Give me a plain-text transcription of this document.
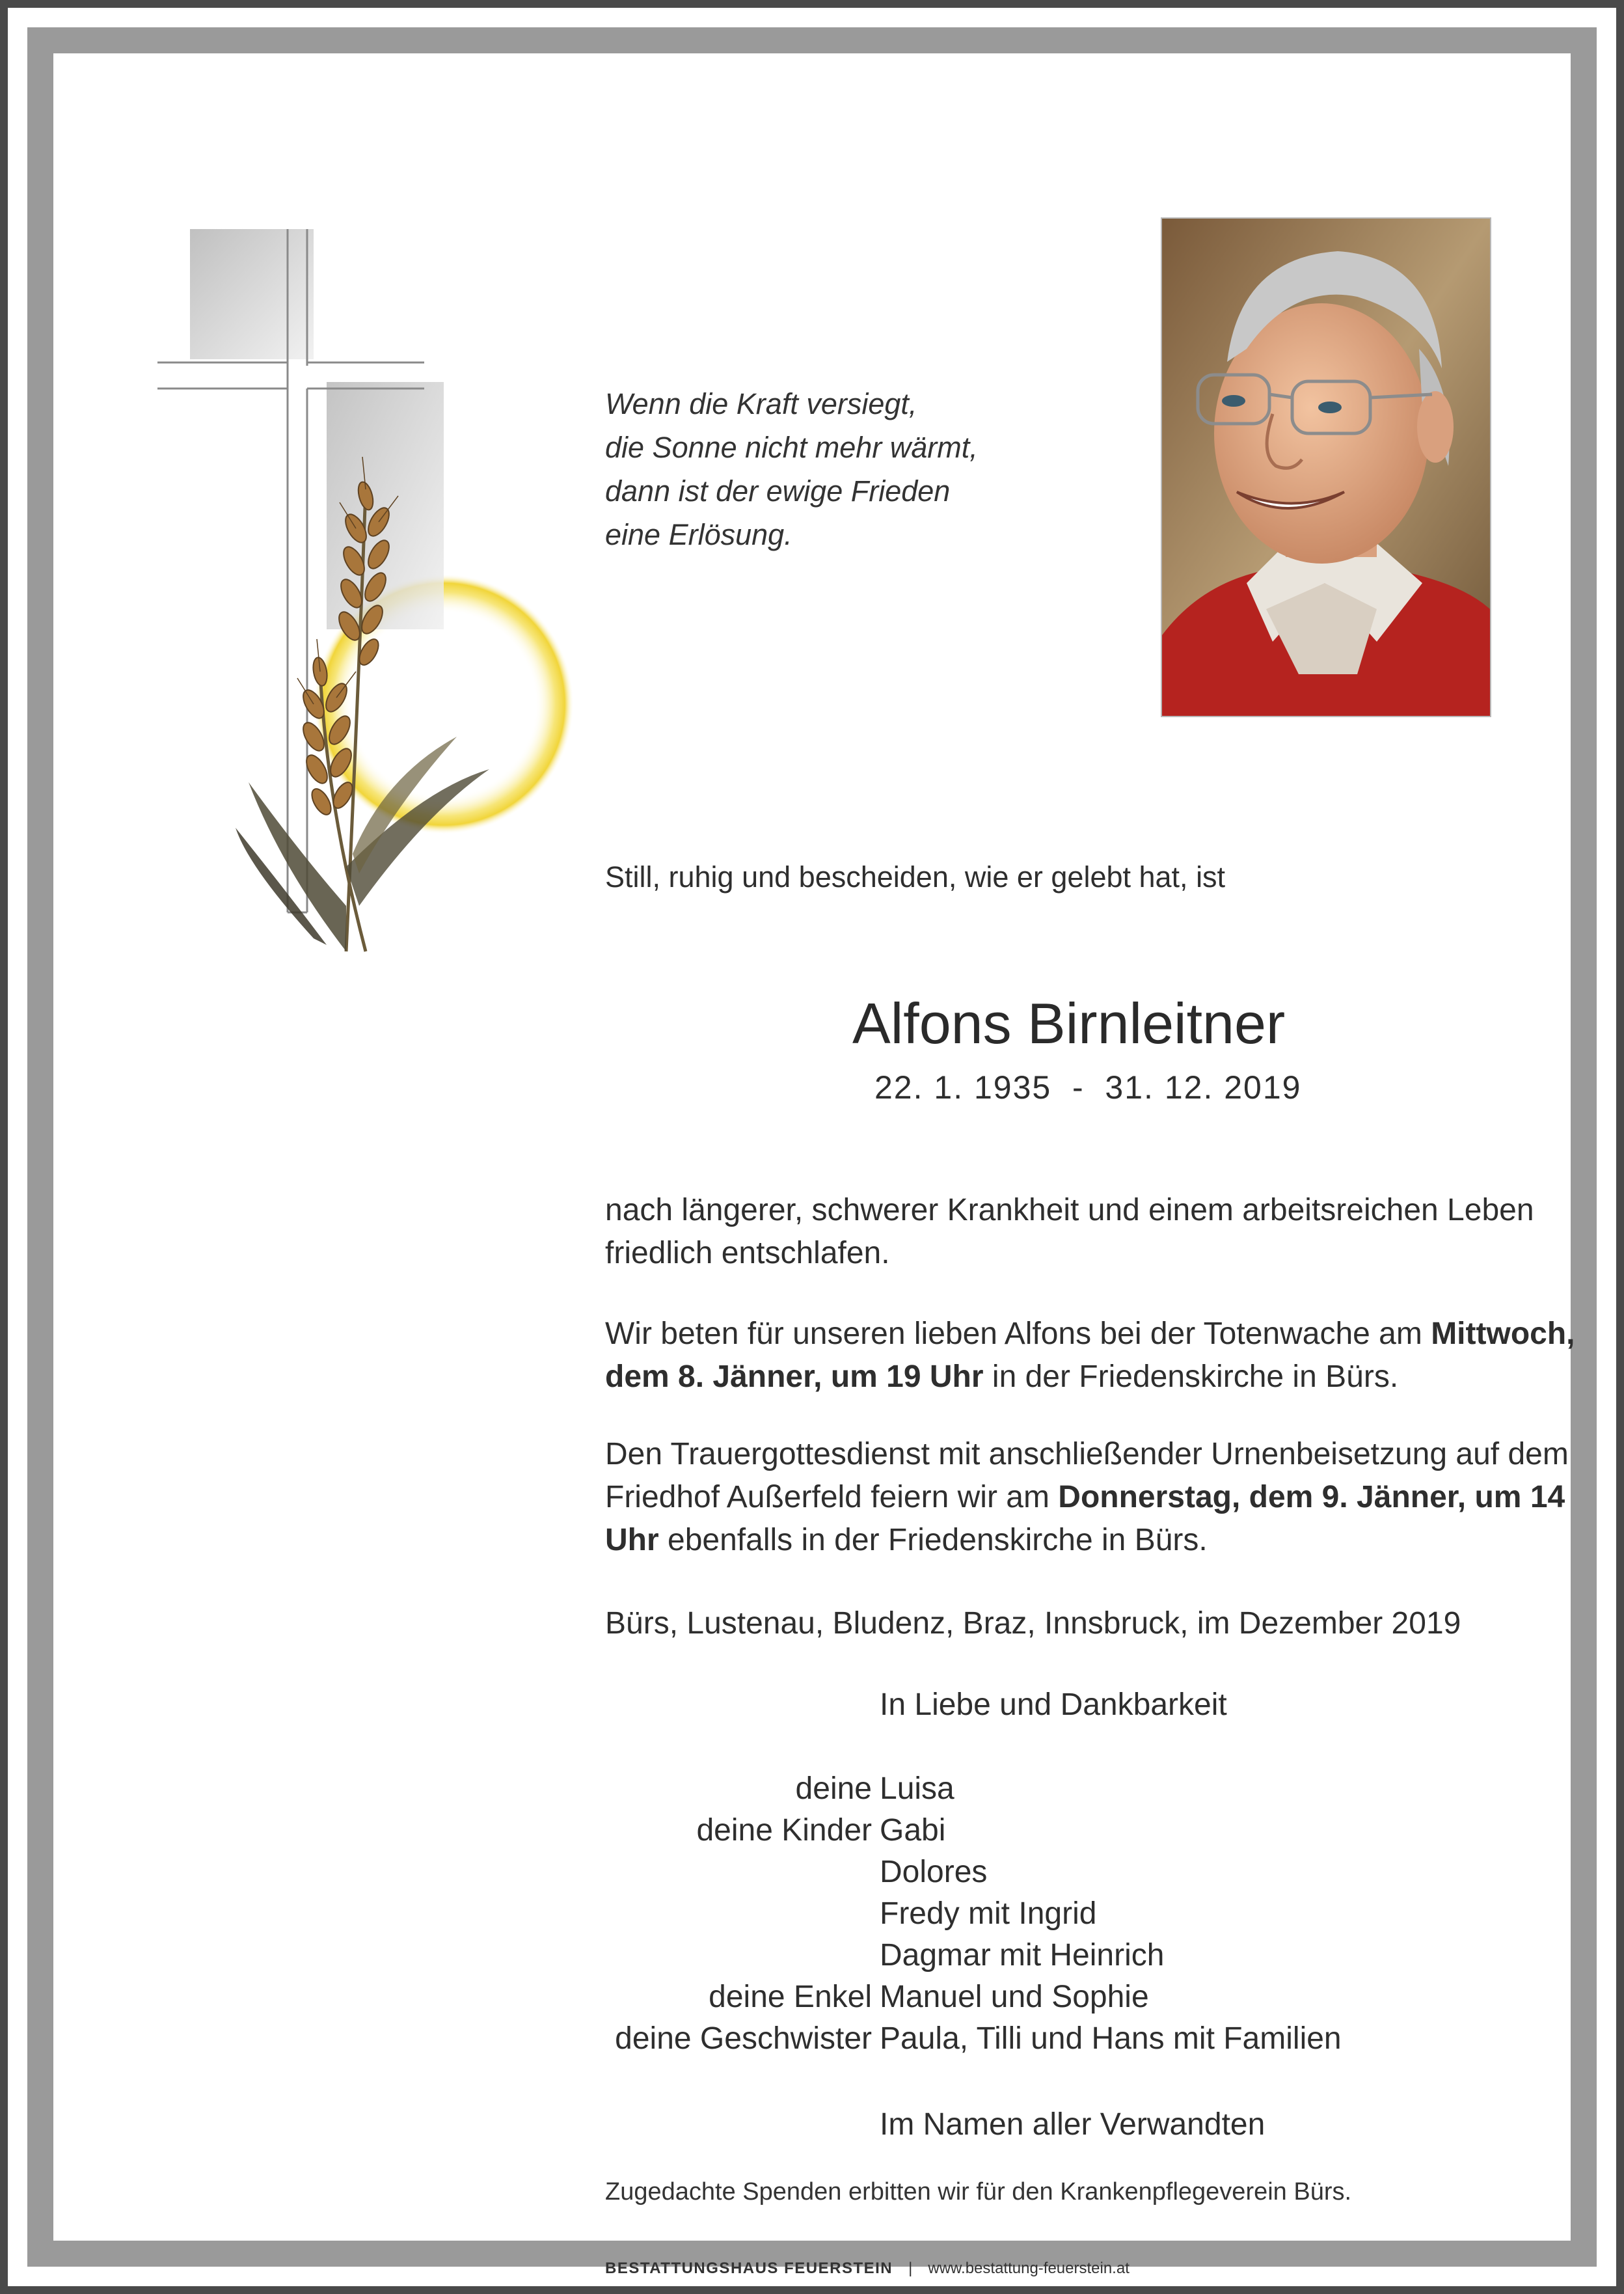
Wenn die Kraft versiegt,
die Sonne nicht mehr wärmt,
dann ist der ewige Frieden
eine Erlösung.
Still, ruhig und bescheiden, wie er gelebt hat, ist
Alfons Birnleitner
22. 1. 1935  -  31. 12. 2019
nach längerer, schwerer Krankheit und einem arbeitsreichen Leben friedlich entschlafen.
Wir beten für unseren lieben Alfons bei der Totenwache am Mittwoch, dem 8. Jänner, um 19 Uhr in der Friedenskirche in Bürs.
Den Trauergottesdienst mit anschließender Urnenbeisetzung auf dem Friedhof Außerfeld feiern wir am Donnerstag, dem 9. Jänner, um 14 Uhr ebenfalls in der Friedenskirche in Bürs.
Bürs, Lustenau, Bludenz, Braz, Innsbruck, im Dezember 2019
In Liebe und Dankbarkeit
deine Luisa
deine Kinder Gabi
Dolores
Fredy mit Ingrid
Dagmar mit Heinrich
deine Enkel Manuel und Sophie
deine Geschwister Paula, Tilli und Hans mit Familien
Im Namen aller Verwandten
Zugedachte Spenden erbitten wir für den Krankenpflegeverein Bürs.
BESTATTUNGSHAUS FEUERSTEIN | www.bestattung-feuerstein.at
